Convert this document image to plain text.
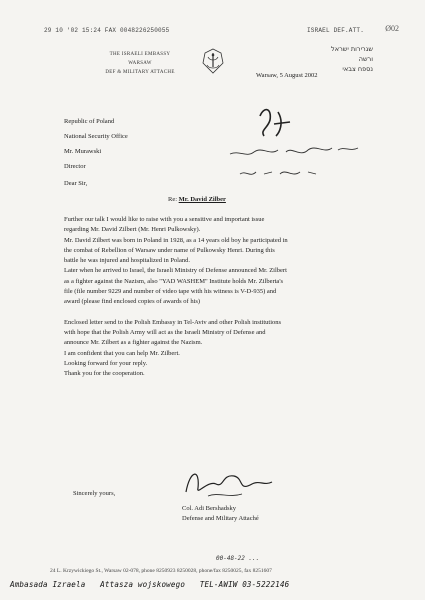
29 10 '02 15:24 FAX 0048226250055	ISRAEL DEF.ATT.	Ø02
THE ISRAELI EMBASSY
WARSAW
DEF & MILITARY ATTACHE
שגרירות ישראל
ורשה
נספח צבאי
Warsaw, 5 August 2002
Republic of Poland
National Security Office
Mr. Murawski
Director
Dear Sir,
Re: Mr. David Zilber

Further our talk I would like to raise with you a sensitive and important issue
regarding Mr. David Zilbert (Mr. Henri Pulkowsky).
Mr. David Zilbert was born in Poland in 1928, as a 14 years old boy he participated in
the combat of Rebellion of Warsaw under name of Pulkowsky Henri. During this
battle he was injured and hospitalized in Poland.
Later when he arrived to Israel, the Israeli Ministry of Defense announced Mr. Zilbert
as a fighter against the Nazism, also "YAD WASHEM" Institute holds Mr. Zilberta's
file (file number 9229 and number of video tape with his witness is V-D-935) and
award (please find enclosed copies of awards of his)

Enclosed letter send to the Polish Embassy in Tel-Aviv and other Polish institutions
with hope that the Polish Army will act as the Israeli Ministry of Defense and
announce Mr. Zilbert as a fighter against the Nazism.
I am confident that you can help Mr. Zilbert.
Looking forward for your reply.
Thank you for the cooperation.

Sincerely yours,
Col. Adi Bershadsky
Defense and Military Attaché
00-48-22 ...
24 L. Krzywickiego St., Warsaw 02-078, phone 8250923 8250028, phone/fax 8250025, fax 8251607
Ambasada Izraela Attasza wojskowego TEL-AWIW 03-5222146
